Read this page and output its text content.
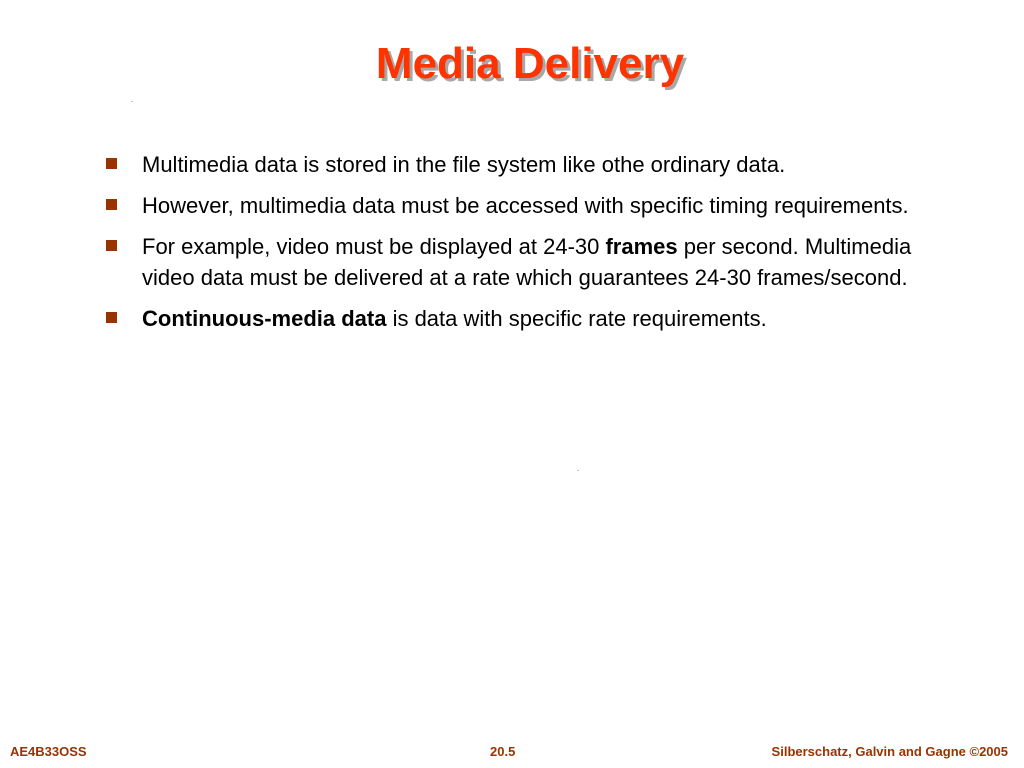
Media Delivery
Multimedia data is stored in the file system like othe ordinary data.
However, multimedia data must be accessed with specific timing requirements.
For example, video must be displayed at 24-30 frames per second. Multimedia video data must be delivered at a rate which guarantees 24-30 frames/second.
Continuous-media data is data with specific rate requirements.
AE4B33OSS	20.5	Silberschatz, Galvin and Gagne ©2005
